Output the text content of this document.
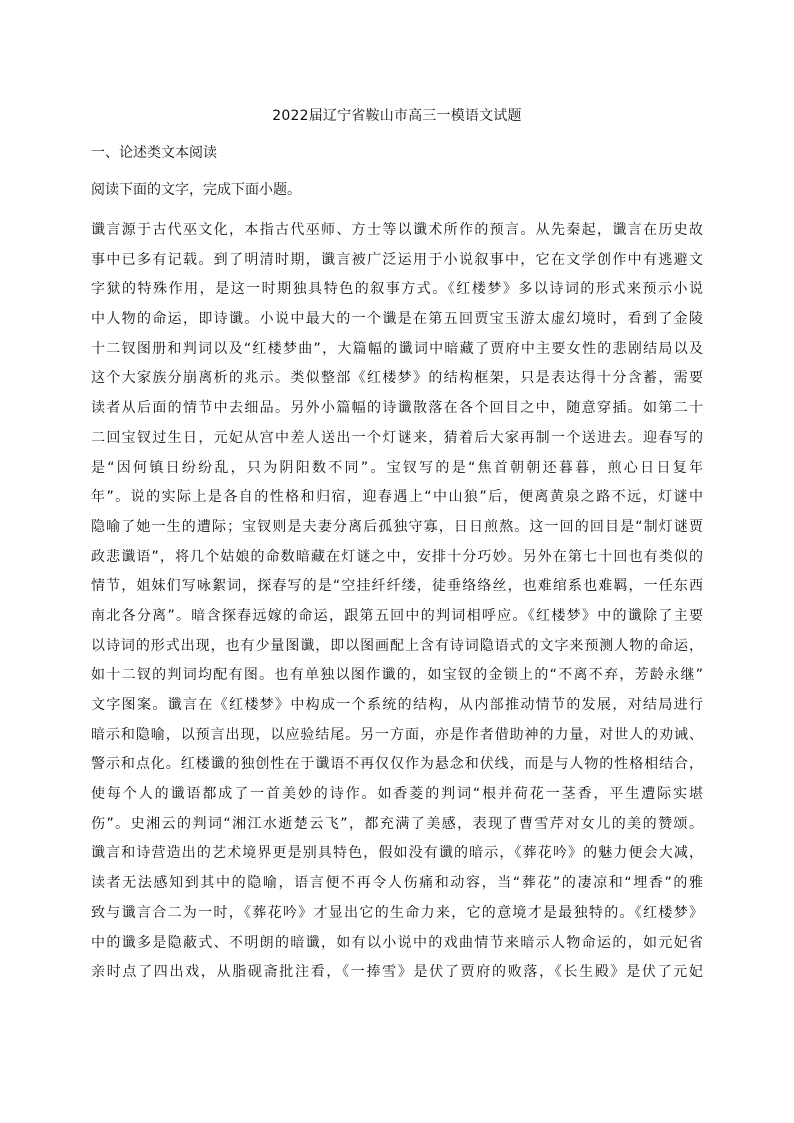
2022届辽宁省鞍山市高三一模语文试题
一、论述类文本阅读
阅读下面的文字，完成下面小题。
谶言源于古代巫文化，本指古代巫师、方士等以谶术所作的预言。从先秦起，谶言在历史故
事中已多有记载。到了明清时期，谶言被广泛运用于小说叙事中，它在文学创作中有逃避文
字狱的特殊作用，是这一时期独具特色的叙事方式。《红楼梦》多以诗词的形式来预示小说
中人物的命运，即诗谶。小说中最大的一个谶是在第五回贾宝玉游太虚幻境时，看到了金陵
十二钗图册和判词以及“红楼梦曲”，大篇幅的谶词中暗藏了贾府中主要女性的悲剧结局以及
这个大家族分崩离析的兆示。类似整部《红楼梦》的结构框架，只是表达得十分含蓄，需要
读者从后面的情节中去细品。另外小篇幅的诗谶散落在各个回目之中，随意穿插。如第二十
二回宝钗过生日，元妃从宫中差人送出一个灯谜来，猜着后大家再制一个送进去。迎春写的
是“因何镇日纷纷乱，只为阴阳数不同”。宝钗写的是“焦首朝朝还暮暮，煎心日日复年
年”。说的实际上是各自的性格和归宿，迎春遇上“中山狼”后，便离黄泉之路不远，灯谜中
隐喻了她一生的遭际；宝钗则是夫妻分离后孤独守寡，日日煎熬。这一回的回目是“制灯谜贾
政悲谶语”，将几个姑娘的命数暗藏在灯谜之中，安排十分巧妙。另外在第七十回也有类似的
情节，姐妹们写咏絮词，探春写的是“空挂纤纤缕，徒垂络络丝，也难绾系也难羁，一任东西
南北各分离”。暗含探春远嫁的命运，跟第五回中的判词相呼应。《红楼梦》中的谶除了主要
以诗词的形式出现，也有少量图谶，即以图画配上含有诗词隐语式的文字来预测人物的命运，
如十二钗的判词均配有图。也有单独以图作谶的，如宝钗的金锁上的“不离不弃，芳龄永继”
文字图案。谶言在《红楼梦》中构成一个系统的结构，从内部推动情节的发展，对结局进行
暗示和隐喻，以预言出现，以应验结尾。另一方面，亦是作者借助神的力量，对世人的劝诫、
警示和点化。红楼谶的独创性在于谶语不再仅仅作为悬念和伏线，而是与人物的性格相结合，
使每个人的谶语都成了一首美妙的诗作。如香菱的判词“根并荷花一茎香，平生遭际实堪
伤”。史湘云的判词“湘江水逝楚云飞”，都充满了美感，表现了曹雪芹对女儿的美的赞颂。
谶言和诗营造出的艺术境界更是别具特色，假如没有谶的暗示，《葬花吟》的魅力便会大减，
读者无法感知到其中的隐喻，语言便不再令人伤痛和动容，当“葬花”的凄凉和“埋香”的雅
致与谶言合二为一时，《葬花吟》才显出它的生命力来，它的意境才是最独特的。《红楼梦》
中的谶多是隐蔽式、不明朗的暗谶，如有以小说中的戏曲情节来暗示人物命运的，如元妃省
亲时点了四出戏，从脂砚斋批注看，《一捧雪》是伏了贾府的败落，《长生殿》是伏了元妃
